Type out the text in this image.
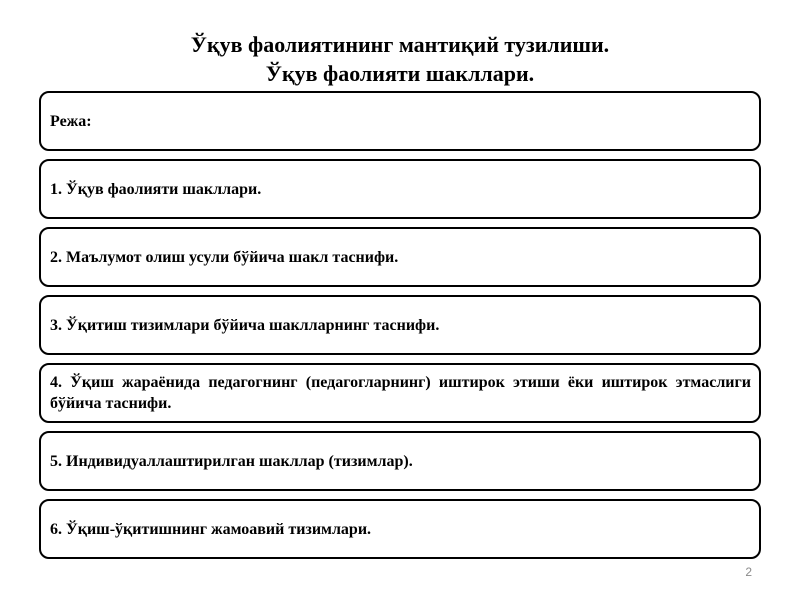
Ўқув фаолиятининг мантиқий тузилиши.
Ўқув фаолияти шакллари.
Режа:
1. Ўқув фаолияти шакллари.
2. Маълумот олиш усули бўйича шакл таснифи.
3. Ўқитиш тизимлари бўйича шаклларнинг таснифи.
4. Ўқиш жараёнида педагогнинг (педагогларнинг) иштирок этиши ёки иштирок этмаслиги бўйича таснифи.
5. Индивидуаллаштирилган шакллар (тизимлар).
6. Ўқиш-ўқитишнинг жамоавий тизимлари.
2
